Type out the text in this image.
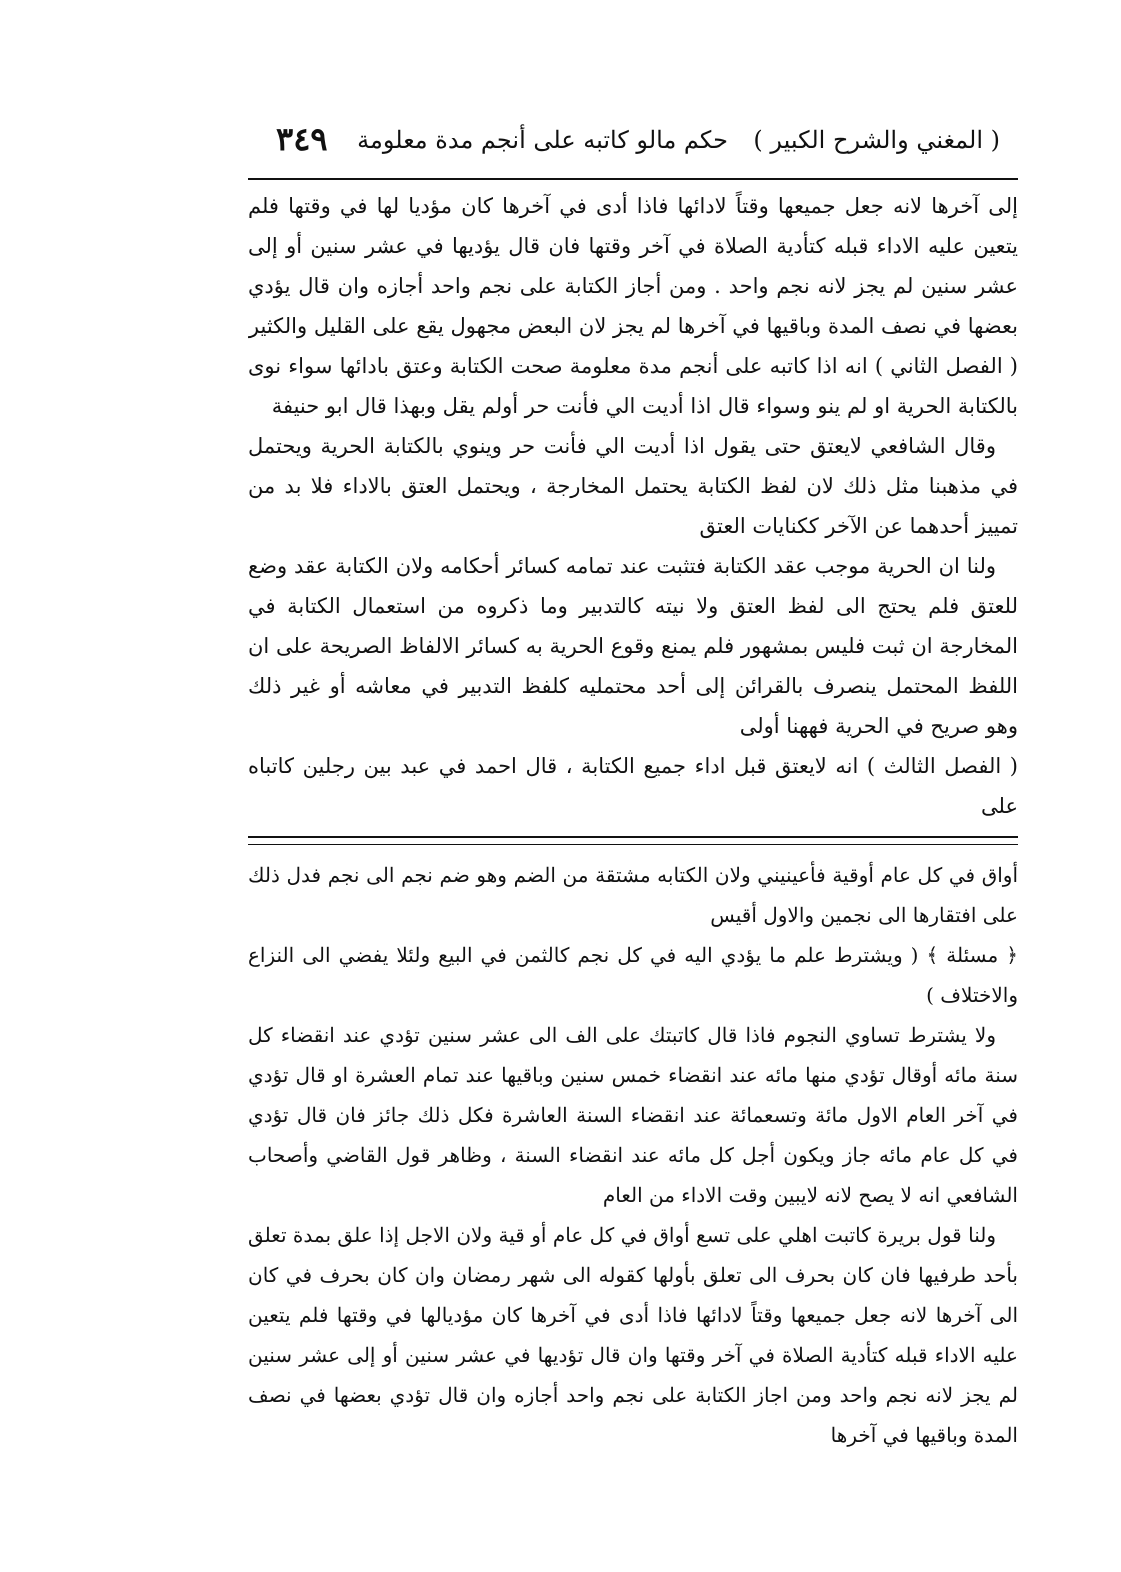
( المغني والشرح الكبير )
حكم مالو كاتبه على أنجم مدة معلومة
٣٤٩

إلى آخرها لانه جعل جميعها وقتاً لادائها فاذا أدى في آخرها كان مؤديا لها في وقتها فلم يتعين عليه الاداء قبله كتأدية الصلاة في آخر وقتها فان قال يؤديها في عشر سنين أو إلى عشر سنين لم يجز لانه نجم واحد . ومن أجاز الكتابة على نجم واحد أجازه وان قال يؤدي بعضها في نصف المدة وباقيها في آخرها لم يجز لان البعض مجهول يقع على القليل والكثير

( الفصل الثاني ) انه اذا كاتبه على أنجم مدة معلومة صحت الكتابة وعتق بادائها سواء نوى بالكتابة الحرية او لم ينو وسواء قال اذا أديت الي فأنت حر أولم يقل وبهذا قال ابو حنيفة

وقال الشافعي لايعتق حتى يقول اذا أديت الي فأنت حر وينوي بالكتابة الحرية ويحتمل في مذهبنا مثل ذلك لان لفظ الكتابة يحتمل المخارجة ، ويحتمل العتق بالاداء فلا بد من تمييز أحدهما عن الآخر ككنايات العتق

ولنا ان الحرية موجب عقد الكتابة فتثبت عند تمامه كسائر أحكامه ولان الكتابة عقد وضع للعتق فلم يحتج الى لفظ العتق ولا نيته كالتدبير وما ذكروه من استعمال الكتابة في المخارجة ان ثبت فليس بمشهور فلم يمنع وقوع الحرية به كسائر الالفاظ الصريحة على ان اللفظ المحتمل ينصرف بالقرائن إلى أحد محتمليه كلفظ التدبير في معاشه أو غير ذلك وهو صريح في الحرية فههنا أولى

( الفصل الثالث ) انه لايعتق قبل اداء جميع الكتابة ، قال احمد في عبد بين رجلين كاتباه على

أواق في كل عام أوقية فأعينيني ولان الكتابه مشتقة من الضم وهو ضم نجم الى نجم فدل ذلك على افتقارها الى نجمين والاول أقيس

﴿ مسئلة ﴾ ( ويشترط علم ما يؤدي اليه في كل نجم كالثمن في البيع ولئلا يفضي الى النزاع والاختلاف )

ولا يشترط تساوي النجوم فاذا قال كاتبتك على الف الى عشر سنين تؤدي عند انقضاء كل سنة مائه أوقال تؤدي منها مائه عند انقضاء خمس سنين وباقيها عند تمام العشرة او قال تؤدي في آخر العام الاول مائة وتسعمائة عند انقضاء السنة العاشرة فكل ذلك جائز فان قال تؤدي في كل عام مائه جاز ويكون أجل كل مائه عند انقضاء السنة ، وظاهر قول القاضي وأصحاب الشافعي انه لا يصح لانه لايبين وقت الاداء من العام

ولنا قول بريرة كاتبت اهلي على تسع أواق في كل عام أو قية ولان الاجل إذا علق بمدة تعلق بأحد طرفيها فان كان بحرف الى تعلق بأولها كقوله الى شهر رمضان وان كان بحرف في كان الى آخرها لانه جعل جميعها وقتاً لادائها فاذا أدى في آخرها كان مؤديالها في وقتها فلم يتعين عليه الاداء قبله كتأدية الصلاة في آخر وقتها وان قال تؤديها في عشر سنين أو إلى عشر سنين لم يجز لانه نجم واحد ومن اجاز الكتابة على نجم واحد أجازه وان قال تؤدي بعضها في نصف المدة وباقيها في آخرها
